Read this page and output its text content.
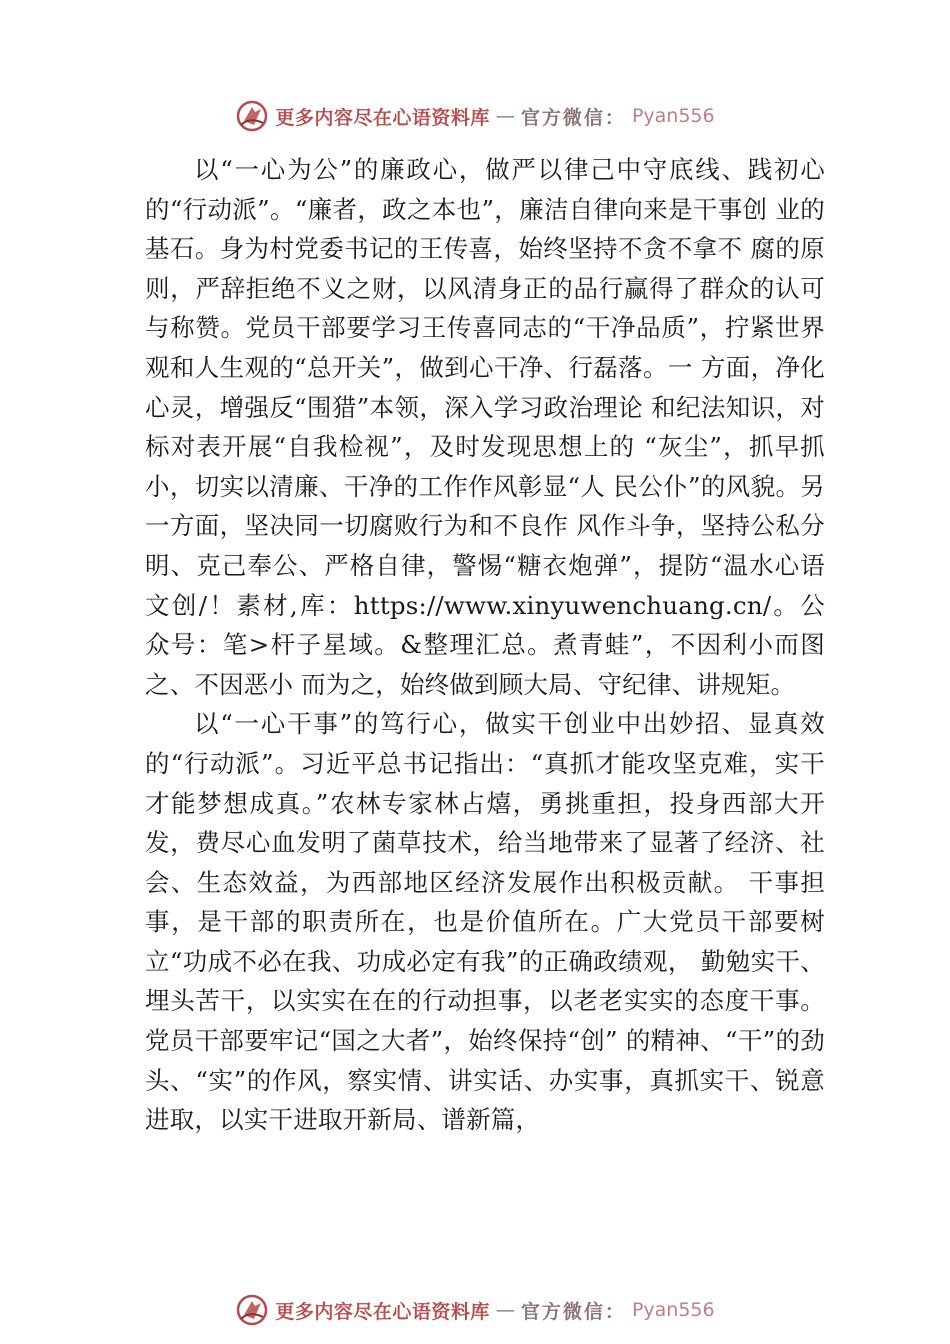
更多内容尽在心语资料库 — 官方微信： Pyan556

以“一心为公”的廉政心，做严以律己中守底线、践初心的“行动派”。“廉者，政之本也”，廉洁自律向来是干事创 业的基石。身为村党委书记的王传喜，始终坚持不贪不拿不 腐的原则，严辞拒绝不义之财，以风清身正的品行赢得了群众的认可与称赞。党员干部要学习王传喜同志的“干净品质”，拧紧世界观和人生观的“总开关”，做到心干净、行磊落。一 方面，净化心灵，增强反“围猎”本领，深入学习政治理论 和纪法知识，对标对表开展“自我检视”，及时发现思想上的 “灰尘”，抓早抓小，切实以清廉、干净的工作作风彰显“人 民公仆”的风貌。另一方面，坚决同一切腐败行为和不良作 风作斗争，坚持公私分明、克己奉公、严格自律，警惕“糖衣炮弹”，提防“温水心语文创/！素材,库：https://www.xinyuwenchuang.cn/。公众号：笔>杆子星域。&整理汇总。煮青蛙”，不因利小而图之、不因恶小 而为之，始终做到顾大局、守纪律、讲规矩。

以“一心干事”的笃行心，做实干创业中出妙招、显真效的“行动派”。习近平总书记指出：“真抓才能攻坚克难，实干才能梦想成真。”农林专家林占熺，勇挑重担，投身西部大开发，费尽心血发明了菌草技术，给当地带来了显著了经济、社会、生态效益，为西部地区经济发展作出积极贡献。 干事担事，是干部的职责所在，也是价值所在。广大党员干部要树立“功成不必在我、功成必定有我”的正确政绩观， 勤勉实干、埋头苦干，以实实在在的行动担事，以老老实实的态度干事。党员干部要牢记“国之大者”，始终保持“创” 的精神、“干”的劲头、“实”的作风，察实情、讲实话、办实事，真抓实干、锐意进取，以实干进取开新局、谱新篇，

更多内容尽在心语资料库 — 官方微信： Pyan556
